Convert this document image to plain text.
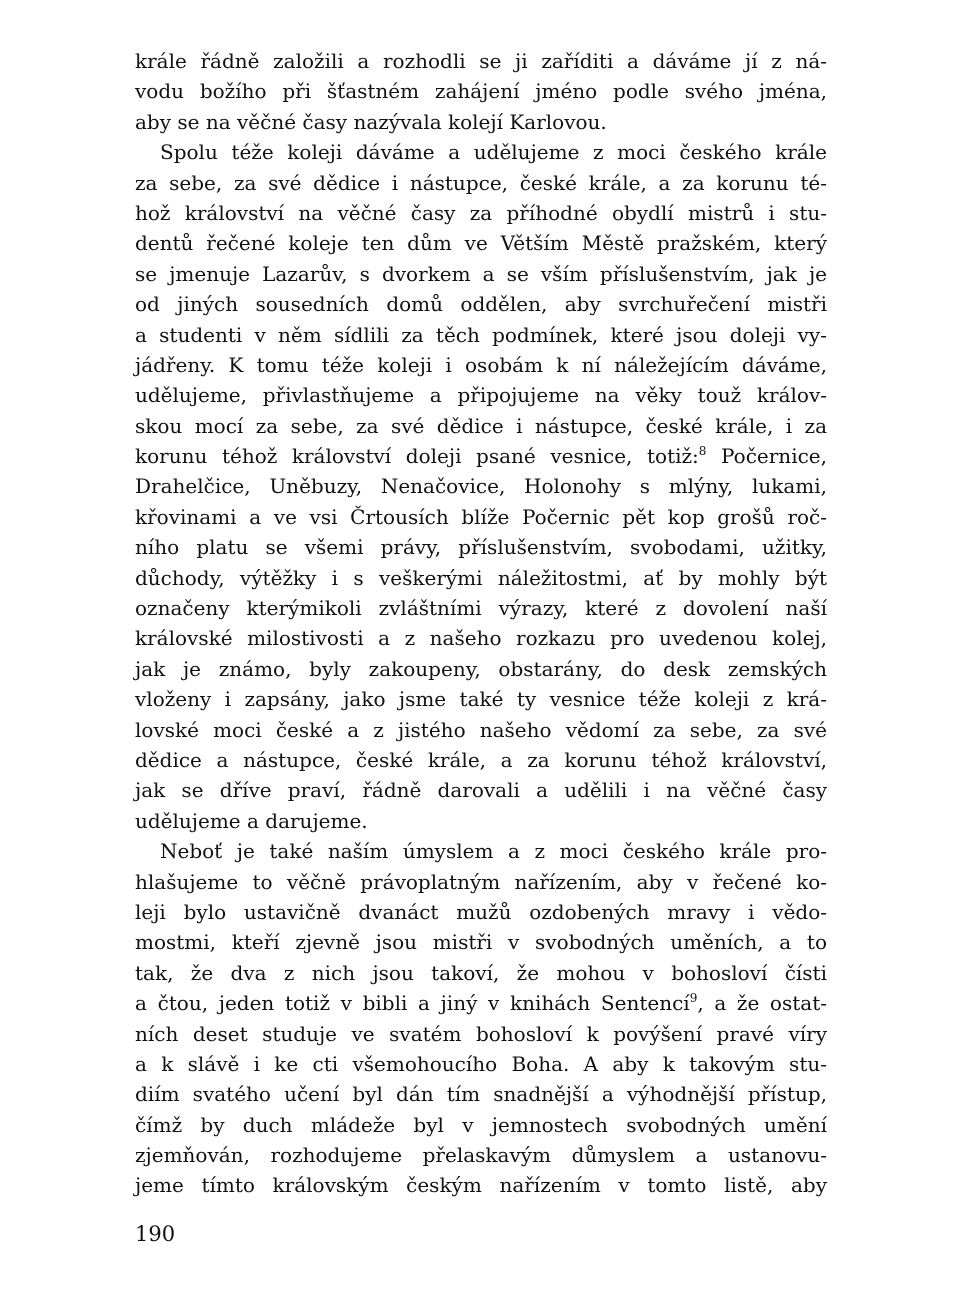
krále řádně založili a rozhodli se ji zaříditi a dáváme jí z ná-
vodu božího při šťastném zahájení jméno podle svého jména,
aby se na věčné časy nazývala kolejí Karlovou.
Spolu téže koleji dáváme a udělujeme z moci českého krále
za sebe, za své dědice i nástupce, české krále, a za korunu té-
hož království na věčné časy za příhodné obydlí mistrů i stu-
dentů řečené koleje ten dům ve Větším Městě pražském, který
se jmenuje Lazarův, s dvorkem a se vším příslušenstvím, jak je
od jiných sousedních domů oddělen, aby svrchuřečení mistři
a studenti v něm sídlili za těch podmínek, které jsou doleji vy-
jádřeny. K tomu téže koleji i osobám k ní náležejícím dáváme,
udělujeme, přivlastňujeme a připojujeme na věky touž králov-
skou mocí za sebe, za své dědice i nástupce, české krále, i za
korunu téhož království doleji psané vesnice, totiž:$^8$ Počernice,
Drahelčice, Uněbuzy, Nenačovice, Holonohy s mlýny, lukami,
křovinami a ve vsi Črtousích blíže Počernic pět kop grošů roč-
ního platu se všemi právy, příslušenstvím, svobodami, užitky,
důchody, výtěžky i s veškerými náležitostmi, ať by mohly být
označeny kterýmikoli zvláštními výrazy, které z dovolení naší
královské milostivosti a z našeho rozkazu pro uvedenou kolej,
jak je známo, byly zakoupeny, obstarány, do desk zemských
vloženy i zapsány, jako jsme také ty vesnice téže koleji z krá-
lovské moci české a z jistého našeho vědomí za sebe, za své
dědice a nástupce, české krále, a za korunu téhož království,
jak se dříve praví, řádně darovali a udělili i na věčné časy
udělujeme a darujeme.
Neboť je také naším úmyslem a z moci českého krále pro-
hlašujeme to věčně právoplatným nařízením, aby v řečené ko-
leji bylo ustavičně dvanáct mužů ozdobených mravy i vědo-
mostmi, kteří zjevně jsou mistři v svobodných uměních, a to
tak, že dva z nich jsou takoví, že mohou v bohosloví čísti
a čtou, jeden totiž v bibli a jiný v knihách Sentencí$^9$, a že ostat-
ních deset studuje ve svatém bohosloví k povýšení pravé víry
a k slávě i ke cti všemohoucího Boha. A aby k takovým stu-
diím svatého učení byl dán tím snadnější a výhodnější přístup,
čímž by duch mládeže byl v jemnostech svobodných umění
zjemňován, rozhodujeme přelaskavým důmyslem a ustanovu-
jeme tímto královským českým nařízením v tomto listě, aby
190
